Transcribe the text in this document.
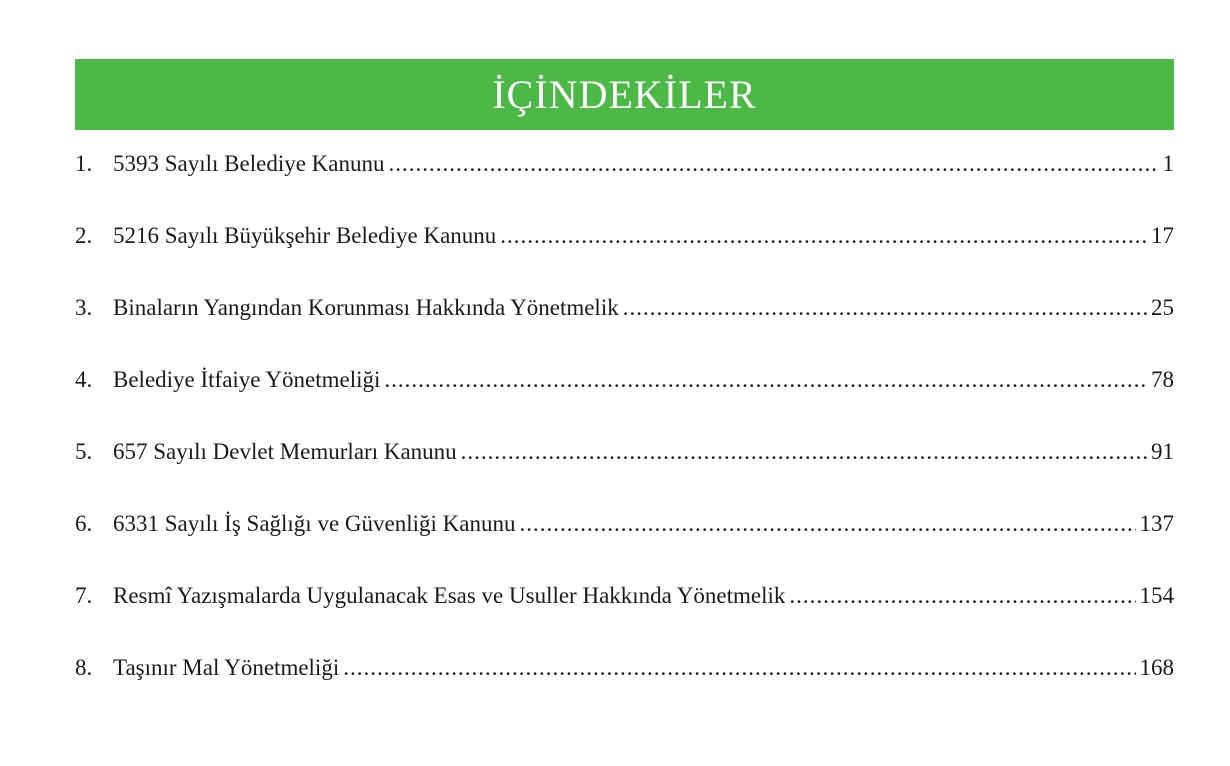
İÇİNDEKİLER
1. 5393 Sayılı Belediye Kanunu .....	1
2. 5216 Sayılı Büyükşehir Belediye Kanunu .....	17
3. Binaların Yangından Korunması Hakkında Yönetmelik .....	25
4. Belediye İtfaiye Yönetmeliği .....	78
5. 657 Sayılı Devlet Memurları Kanunu .....	91
6. 6331 Sayılı İş Sağlığı ve Güvenliği Kanunu .....	137
7. Resmî Yazışmalarda Uygulanacak Esas ve Usuller Hakkında Yönetmelik .....	154
8. Taşınır Mal Yönetmeliği .....	168
